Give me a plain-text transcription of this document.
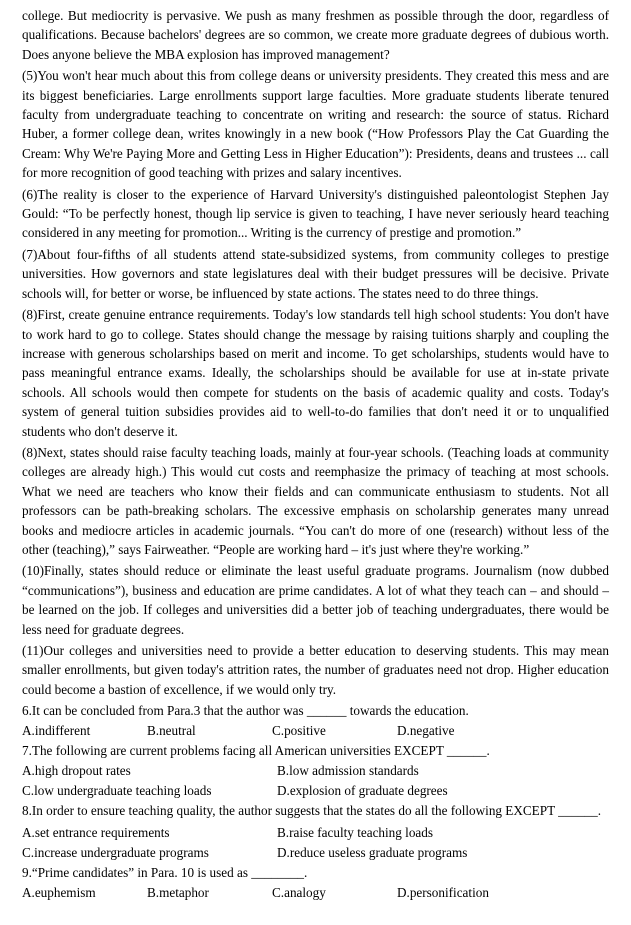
college. But mediocrity is pervasive. We push as many freshmen as possible through the door, regardless of qualifications. Because bachelors' degrees are so common, we create more graduate degrees of dubious worth. Does anyone believe the MBA explosion has improved management?

(5)You won't hear much about this from college deans or university presidents. They created this mess and are its biggest beneficiaries. Large enrollments support large faculties. More graduate students liberate tenured faculty from undergraduate teaching to concentrate on writing and research: the source of status. Richard Huber, a former college dean, writes knowingly in a new book (“How Professors Play the Cat Guarding the Cream: Why We're Paying More and Getting Less in Higher Education”): Presidents, deans and trustees ... call for more recognition of good teaching with prizes and salary incentives.

(6)The reality is closer to the experience of Harvard University's distinguished paleontologist Stephen Jay Gould: “To be perfectly honest, though lip service is given to teaching, I have never seriously heard teaching considered in any meeting for promotion... Writing is the currency of prestige and promotion.”

(7)About four-fifths of all students attend state-subsidized systems, from community colleges to prestige universities. How governors and state legislatures deal with their budget pressures will be decisive. Private schools will, for better or worse, be influenced by state actions. The states need to do three things.

(8)First, create genuine entrance requirements. Today's low standards tell high school students: You don't have to work hard to go to college. States should change the message by raising tuitions sharply and coupling the increase with generous scholarships based on merit and income. To get scholarships, students would have to pass meaningful entrance exams. Ideally, the scholarships should be available for use at in-state private schools. All schools would then compete for students on the basis of academic quality and costs. Today's system of general tuition subsidies provides aid to well-to-do families that don't need it or to unqualified students who don't deserve it.

(8)Next, states should raise faculty teaching loads, mainly at four-year schools. (Teaching loads at community colleges are already high.) This would cut costs and reemphasize the primacy of teaching at most schools. What we need are teachers who know their fields and can communicate enthusiasm to students. Not all professors can be path-breaking scholars. The excessive emphasis on scholarship generates many unread books and mediocre articles in academic journals. “You can't do more of one (research) without less of the other (teaching),” says Fairweather. “People are working hard – it's just where they're working.”

(10)Finally, states should reduce or eliminate the least useful graduate programs. Journalism (now dubbed “communications”), business and education are prime candidates. A lot of what they teach can – and should – be learned on the job. If colleges and universities did a better job of teaching undergraduates, there would be less need for graduate degrees.

(11)Our colleges and universities need to provide a better education to deserving students. This may mean smaller enrollments, but given today's attrition rates, the number of graduates need not drop. Higher education could become a bastion of excellence, if we would only try.

6.It can be concluded from Para.3 that the author was ______ towards the education.

A.indifferent	B.neutral	C.positive	D.negative

7.The following are current problems facing all American universities EXCEPT ______.

A.high dropout rates	B.low admission standards
C.low undergraduate teaching loads	D.explosion of graduate degrees

8.In order to ensure teaching quality, the author suggests that the states do all the following EXCEPT ______.

A.set entrance requirements	B.raise faculty teaching loads
C.increase undergraduate programs	D.reduce useless graduate programs

9.“Prime candidates” in Para. 10 is used as ________.

A.euphemism	B.metaphor	C.analogy	D.personification
